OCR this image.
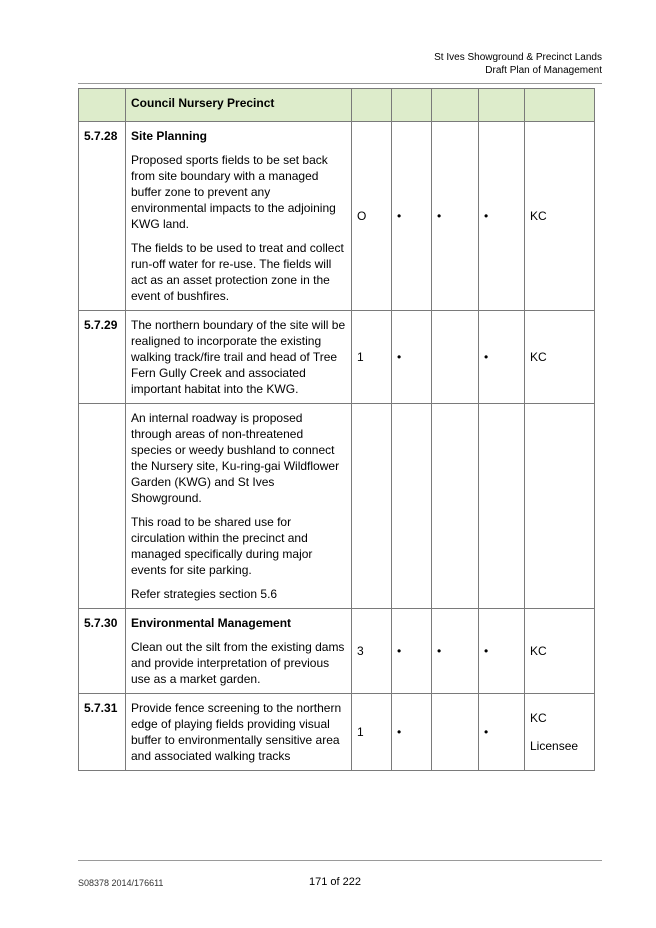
St Ives Showground & Precinct Lands
Draft Plan of Management
	Council Nursery Precinct					
5.7.28	Site Planning

Proposed sports fields to be set back from site boundary with a managed buffer zone to prevent any environmental impacts to the adjoining KWG land.

The fields to be used to treat and collect run-off water for re-use. The fields will act as an asset protection zone in the event of bushfires.	O	•	•	•	KC

5.7.29	The northern boundary of the site will be realigned to incorporate the existing walking track/fire trail and head of Tree Fern Gully Creek and associated important habitat into the KWG.	1	•		•	KC

	An internal roadway is proposed through areas of non-threatened species or weedy bushland to connect the Nursery site, Ku-ring-gai Wildflower Garden (KWG) and St Ives Showground.

This road to be shared use for circulation within the precinct and managed specifically during major events for site parking.

Refer strategies section 5.6					

5.7.30	Environmental Management

Clean out the silt from the existing dams and provide interpretation of previous use as a market garden.	3	•	•	•	KC

5.7.31	Provide fence screening to the northern edge of playing fields providing visual buffer to environmentally sensitive area and associated walking tracks	1	•		•	KC

Licensee

S08378 2014/176611	171 of 222
